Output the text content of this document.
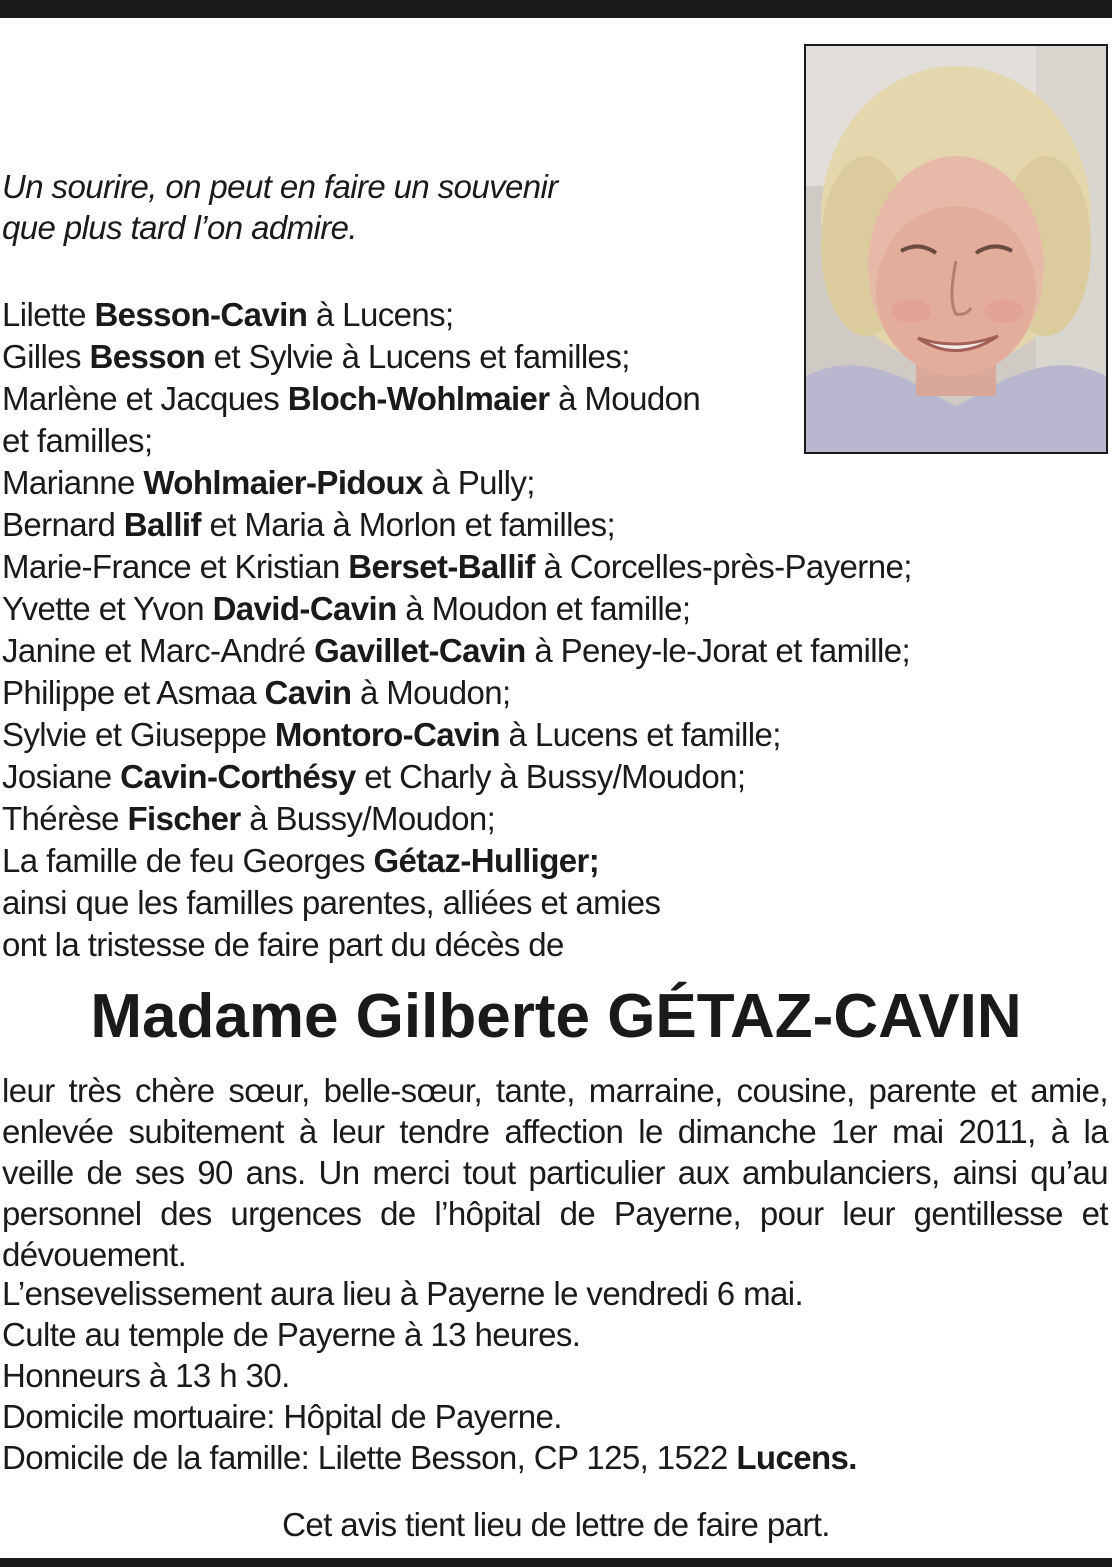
Un sourire, on peut en faire un souvenir
que plus tard l’on admire.
Lilette Besson-Cavin à Lucens;
Gilles Besson et Sylvie à Lucens et familles;
Marlène et Jacques Bloch-Wohlmaier à Moudon
et familles;
Marianne Wohlmaier-Pidoux à Pully;
Bernard Ballif et Maria à Morlon et familles;
Marie-France et Kristian Berset-Ballif à Corcelles-près-Payerne;
Yvette et Yvon David-Cavin à Moudon et famille;
Janine et Marc-André Gavillet-Cavin à Peney-le-Jorat et famille;
Philippe et Asmaa Cavin à Moudon;
Sylvie et Giuseppe Montoro-Cavin à Lucens et famille;
Josiane Cavin-Corthésy et Charly à Bussy/Moudon;
Thérèse Fischer à Bussy/Moudon;
La famille de feu Georges Gétaz-Hulliger;
ainsi que les familles parentes, alliées et amies
ont la tristesse de faire part du décès de
Madame Gilberte GÉTAZ-CAVIN
leur très chère sœur, belle-sœur, tante, marraine, cousine, parente et amie, enlevée subitement à leur tendre affection le dimanche 1er mai 2011, à la veille de ses 90 ans. Un merci tout particulier aux ambulanciers, ainsi qu’au personnel des urgences de l’hôpital de Payerne, pour leur gentillesse et dévouement.
L’ensevelissement aura lieu à Payerne le vendredi 6 mai.
Culte au temple de Payerne à 13 heures.
Honneurs à 13 h 30.
Domicile mortuaire: Hôpital de Payerne.
Domicile de la famille: Lilette Besson, CP 125, 1522 Lucens.
Cet avis tient lieu de lettre de faire part.
